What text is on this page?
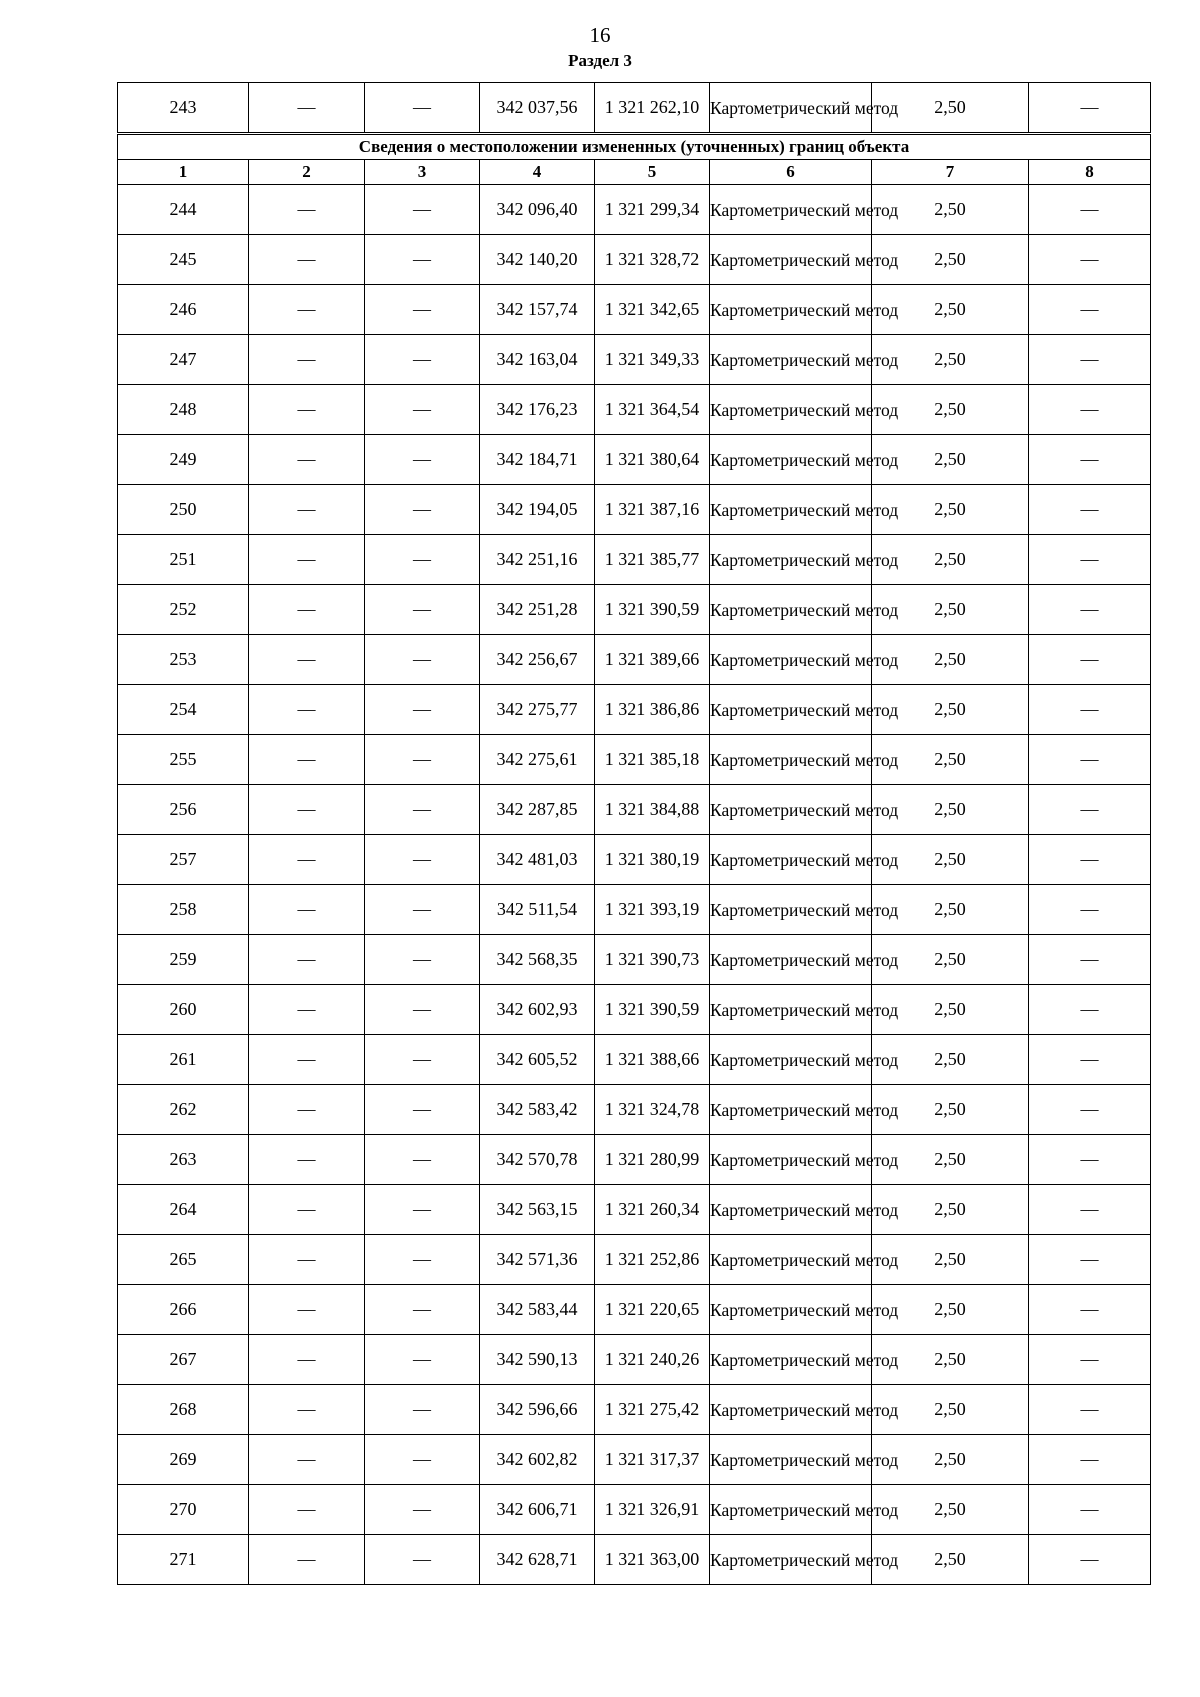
16
Раздел 3
243	—	—	342 037,56	1 321 262,10	Картометрический метод	2,50	—

Сведения о местоположении измененных (уточненных) границ объекта							
1	2	3	4	5	6	7	8
244	—	—	342 096,40	1 321 299,34	Картометрический метод	2,50	—
245	—	—	342 140,20	1 321 328,72	Картометрический метод	2,50	—
246	—	—	342 157,74	1 321 342,65	Картометрический метод	2,50	—
247	—	—	342 163,04	1 321 349,33	Картометрический метод	2,50	—
248	—	—	342 176,23	1 321 364,54	Картометрический метод	2,50	—
249	—	—	342 184,71	1 321 380,64	Картометрический метод	2,50	—
250	—	—	342 194,05	1 321 387,16	Картометрический метод	2,50	—
251	—	—	342 251,16	1 321 385,77	Картометрический метод	2,50	—
252	—	—	342 251,28	1 321 390,59	Картометрический метод	2,50	—
253	—	—	342 256,67	1 321 389,66	Картометрический метод	2,50	—
254	—	—	342 275,77	1 321 386,86	Картометрический метод	2,50	—
255	—	—	342 275,61	1 321 385,18	Картометрический метод	2,50	—
256	—	—	342 287,85	1 321 384,88	Картометрический метод	2,50	—
257	—	—	342 481,03	1 321 380,19	Картометрический метод	2,50	—
258	—	—	342 511,54	1 321 393,19	Картометрический метод	2,50	—
259	—	—	342 568,35	1 321 390,73	Картометрический метод	2,50	—
260	—	—	342 602,93	1 321 390,59	Картометрический метод	2,50	—
261	—	—	342 605,52	1 321 388,66	Картометрический метод	2,50	—
262	—	—	342 583,42	1 321 324,78	Картометрический метод	2,50	—
263	—	—	342 570,78	1 321 280,99	Картометрический метод	2,50	—
264	—	—	342 563,15	1 321 260,34	Картометрический метод	2,50	—
265	—	—	342 571,36	1 321 252,86	Картометрический метод	2,50	—
266	—	—	342 583,44	1 321 220,65	Картометрический метод	2,50	—
267	—	—	342 590,13	1 321 240,26	Картометрический метод	2,50	—
268	—	—	342 596,66	1 321 275,42	Картометрический метод	2,50	—
269	—	—	342 602,82	1 321 317,37	Картометрический метод	2,50	—
270	—	—	342 606,71	1 321 326,91	Картометрический метод	2,50	—
271	—	—	342 628,71	1 321 363,00	Картометрический метод	2,50	—
